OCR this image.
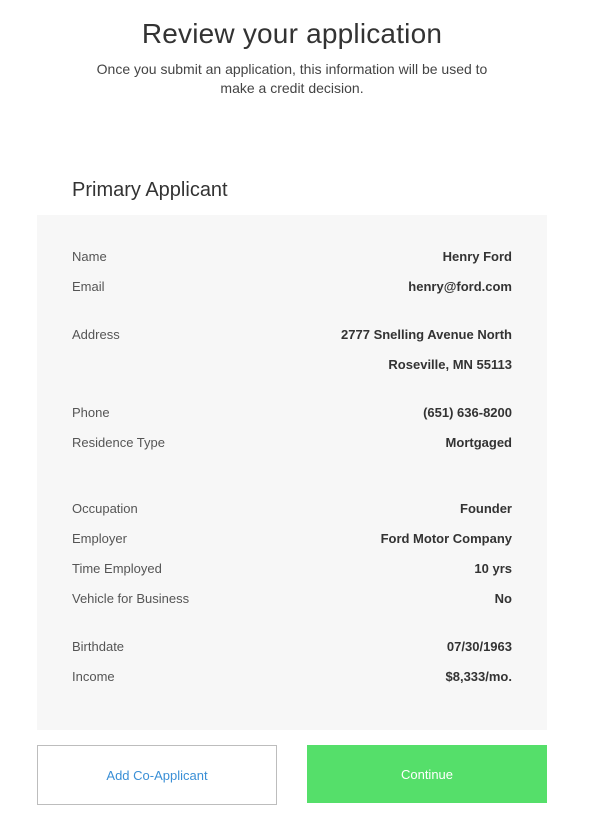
Review your application
Once you submit an application, this information will be used to make a credit decision.
Primary Applicant
Name	Henry Ford
Email	henry@ford.com
Address	2777 Snelling Avenue North
Roseville, MN 55113
Phone	(651) 636-8200
Residence Type	Mortgaged
Occupation	Founder
Employer	Ford Motor Company
Time Employed	10 yrs
Vehicle for Business	No
Birthdate	07/30/1963
Income	$8,333/mo.
Add Co-Applicant	Continue
